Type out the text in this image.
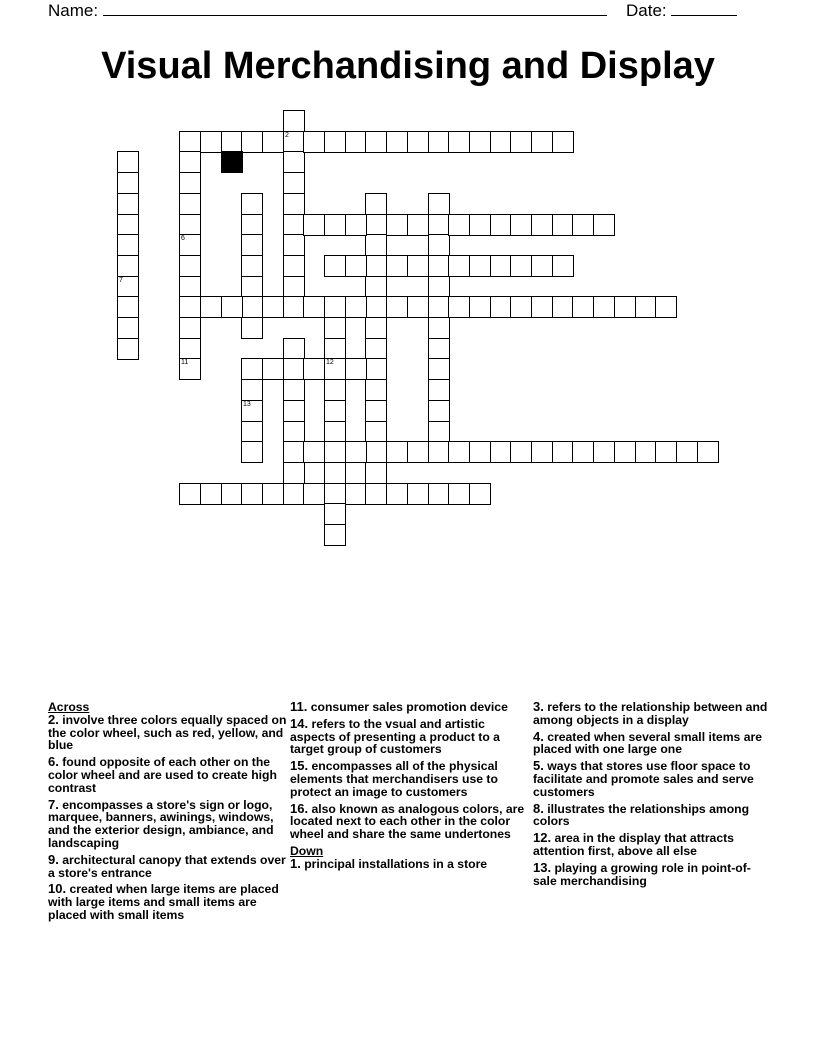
Name:	Date:
Visual Merchandising and Display
2
6
11
7
12
13

Across

2. involve three colors equally spaced on the color wheel, such as red, yellow, and blue

6. found opposite of each other on the color wheel and are used to create high contrast

7. encompasses a store's sign or logo, marquee, banners, awinings, windows, and the exterior design, ambiance, and landscaping

9. architectural canopy that extends over a store's entrance

10. created when large items are placed with large items and small items are placed with small items

11. consumer sales promotion device

14. refers to the vsual and artistic aspects of presenting a product to a target group of customers

15. encompasses all of the physical elements that merchandisers use to protect an image to customers

16. also known as analogous colors, are located next to each other in the color wheel and share the same undertones

Down

1. principal installations in a store

3. refers to the relationship between and among objects in a display

4. created when several small items are placed with one large one

5. ways that stores use floor space to facilitate and promote sales and serve customers

8. illustrates the relationships among colors

12. area in the display that attracts attention first, above all else

13. playing a growing role in point-of-sale merchandising
